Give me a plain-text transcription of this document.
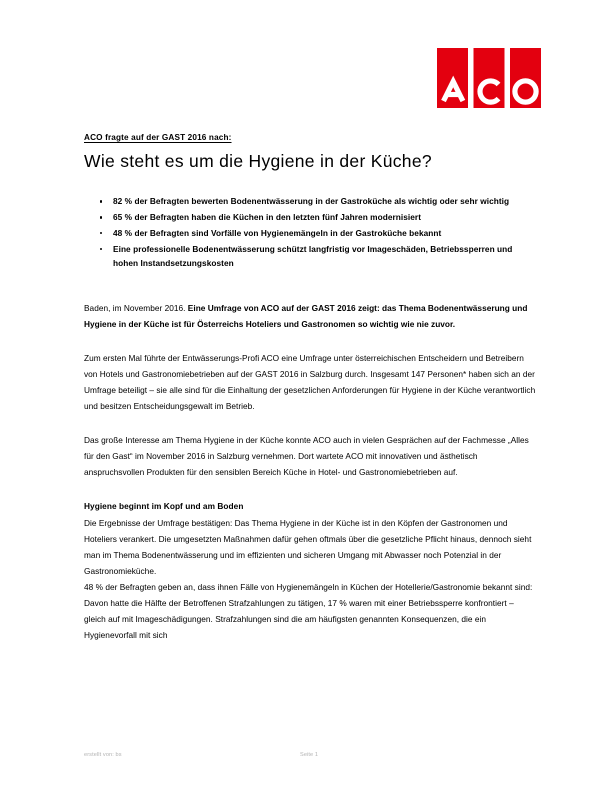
ACO fragte auf der GAST 2016 nach:
Wie steht es um die Hygiene in der Küche?
82 % der Befragten bewerten Bodenentwässerung in der Gastroküche als wichtig oder sehr wichtig
65 % der Befragten haben die Küchen in den letzten fünf Jahren modernisiert
48 % der Befragten sind Vorfälle von Hygienemängeln in der Gastroküche bekannt
Eine professionelle Bodenentwässerung schützt langfristig vor Imageschäden, Betriebssperren und hohen Instandsetzungskosten

Baden, im November 2016. Eine Umfrage von ACO auf der GAST 2016 zeigt: das Thema Bodenentwässerung und Hygiene in der Küche ist für Österreichs Hoteliers und Gastronomen so wichtig wie nie zuvor.

Zum ersten Mal führte der Entwässerungs-Profi ACO eine Umfrage unter österreichischen Entscheidern und Betreibern von Hotels und Gastronomiebetrieben auf der GAST 2016 in Salzburg durch. Insgesamt 147 Personen* haben sich an der Umfrage beteiligt – sie alle sind für die Einhaltung der gesetzlichen Anforderungen für Hygiene in der Küche verantwortlich und besitzen Entscheidungsgewalt im Betrieb.

Das große Interesse am Thema Hygiene in der Küche konnte ACO auch in vielen Gesprächen auf der Fachmesse „Alles für den Gast“ im November 2016 in Salzburg vernehmen. Dort wartete ACO mit innovativen und ästhetisch anspruchsvollen Produkten für den sensiblen Bereich Küche in Hotel- und Gastronomiebetrieben auf.

Hygiene beginnt im Kopf und am Boden

Die Ergebnisse der Umfrage bestätigen: Das Thema Hygiene in der Küche ist in den Köpfen der Gastronomen und Hoteliers verankert. Die umgesetzten Maßnahmen dafür gehen oftmals über die gesetzliche Pflicht hinaus, dennoch sieht man im Thema Bodenentwässerung und im effizienten und sicheren Umgang mit Abwasser noch Potenzial in der Gastronomieküche.

48 % der Befragten geben an, dass ihnen Fälle von Hygienemängeln in Küchen der Hotellerie/Gastronomie bekannt sind: Davon hatte die Hälfte der Betroffenen Strafzahlungen zu tätigen, 17 % waren mit einer Betriebssperre konfrontiert – gleich auf mit Imageschädigungen. Strafzahlungen sind die am häufigsten genannten Konsequenzen, die ein Hygienevorfall mit sich

erstellt von: bs	Seite 1
